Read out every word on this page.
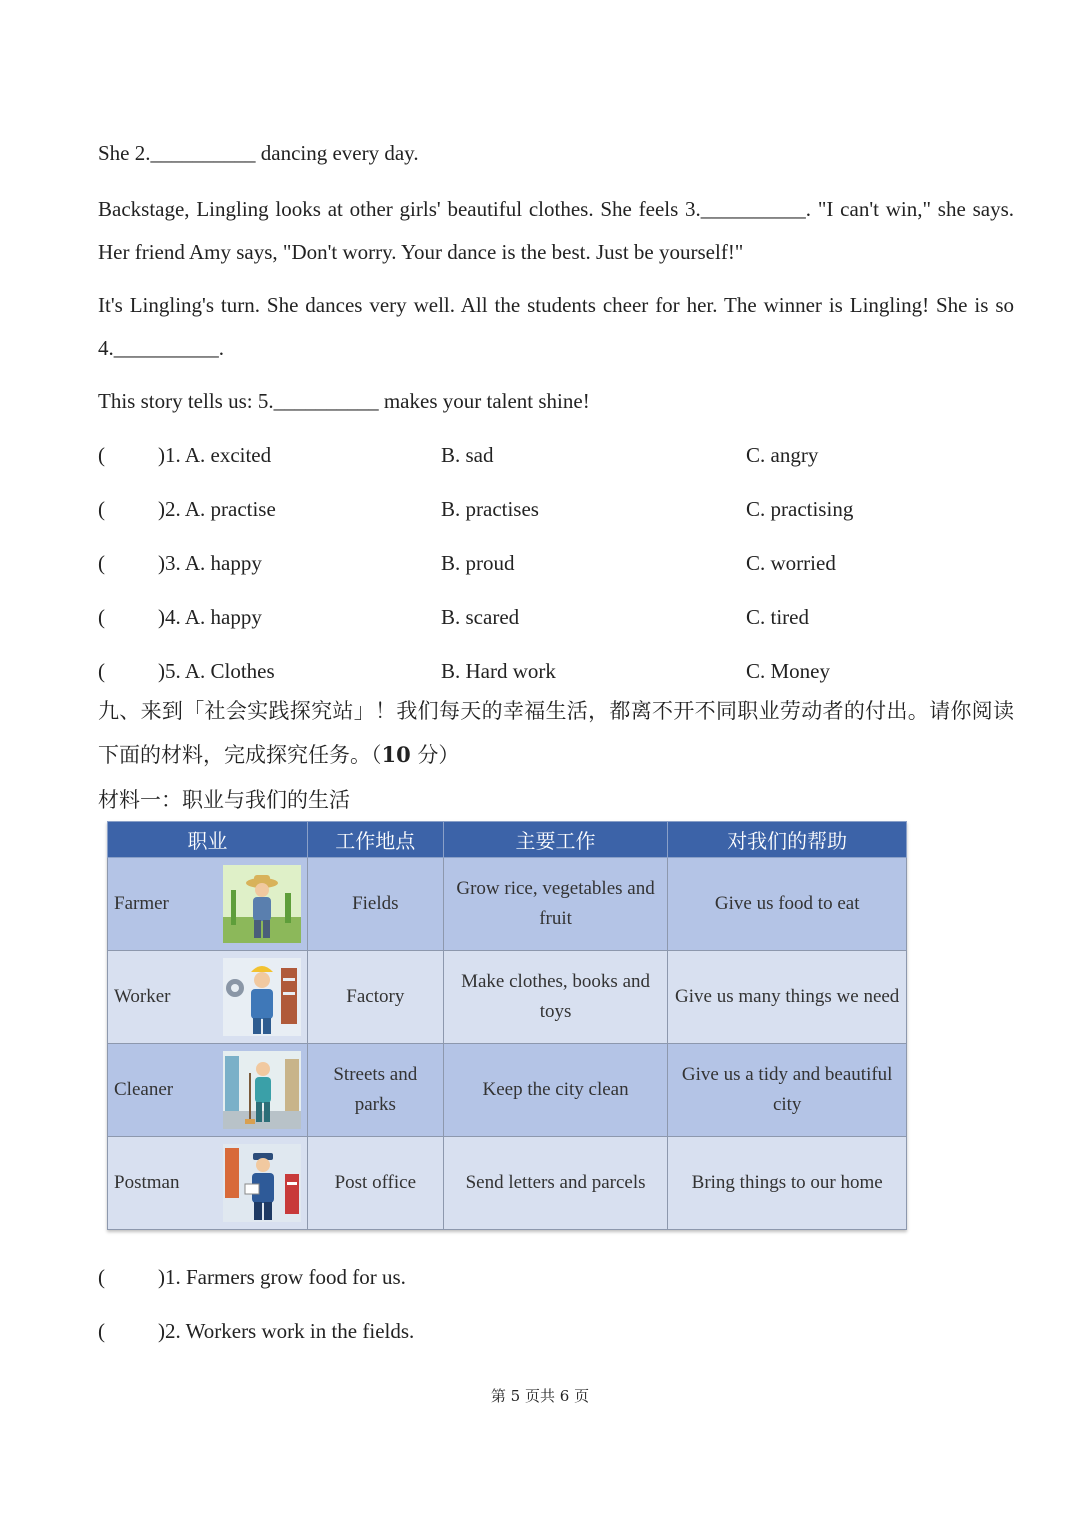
She 2.__________ dancing every day.
Backstage, Lingling looks at other girls' beautiful clothes. She feels 3.__________. "I can't win," she says. Her friend Amy says, "Don't worry. Your dance is the best. Just be yourself!"
It's Lingling's turn. She dances very well. All the students cheer for her. The winner is Lingling! She is so 4.__________.
This story tells us: 5.__________ makes your talent shine!
(	)1. A. excited	B. sad	C. angry
(	)2. A. practise	B. practises	C. practising
(	)3. A. happy	B. proud	C. worried
(	)4. A. happy	B. scared	C. tired
(	)5. A. Clothes	B. Hard work	C. Money
九、来到「社会实践探究站」！我们每天的幸福生活，都离不开不同职业劳动者的付出。请你阅读下面的材料，完成探究任务。（10 分）
材料一：职业与我们的生活
职业	工作地点	主要工作	对我们的帮助

Farmer	Fields	Grow rice, vegetables and fruit	Give us food to eat

Worker	Factory	Make clothes, books and toys	Give us many things we need

Cleaner	Streets and parks	Keep the city clean	Give us a tidy and beautiful city

Postman	Post office	Send letters and parcels	Bring things to our home
(	)1. Farmers grow food for us.
(	)2. Workers work in the fields.
第 5 页共 6 页
